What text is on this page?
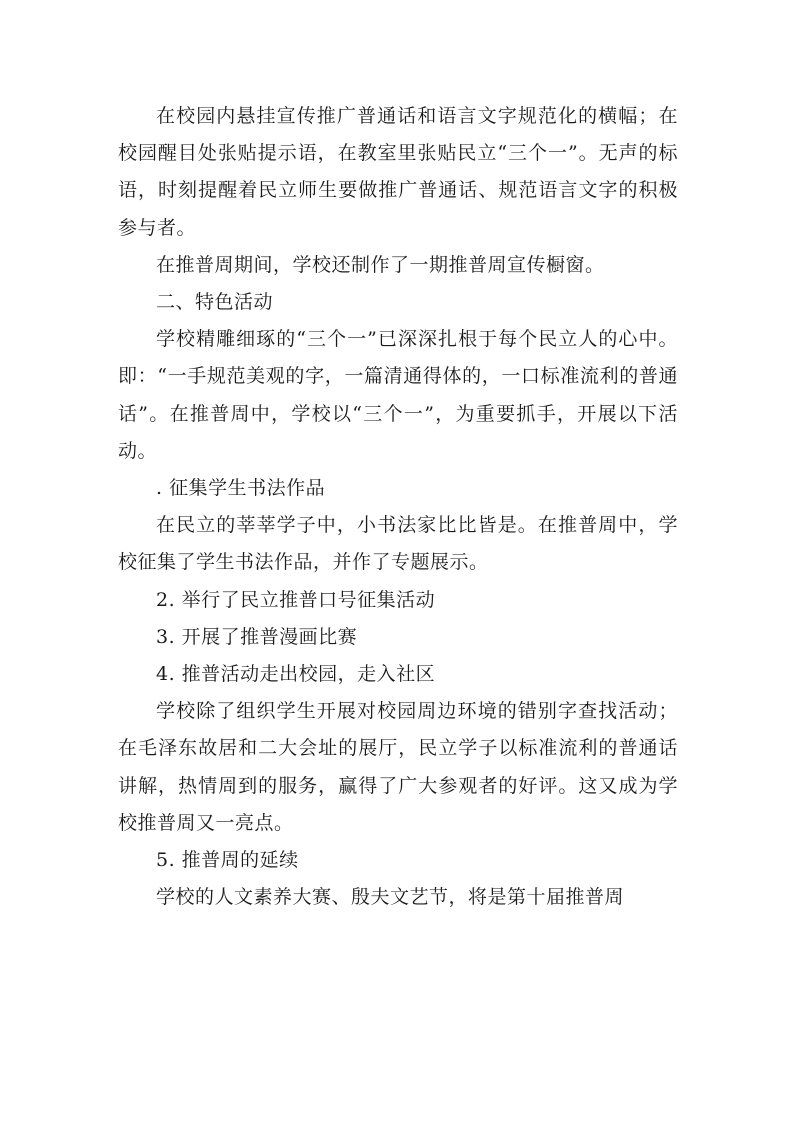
在校园内悬挂宣传推广普通话和语言文字规范化的横幅；在校园醒目处张贴提示语，在教室里张贴民立“三个一”。无声的标语，时刻提醒着民立师生要做推广普通话、规范语言文字的积极参与者。

在推普周期间，学校还制作了一期推普周宣传橱窗。

二、特色活动

学校精雕细琢的“三个一”已深深扎根于每个民立人的心中。即：“一手规范美观的字，一篇清通得体的，一口标准流利的普通话”。在推普周中，学校以“三个一”，为重要抓手，开展以下活动。

. 征集学生书法作品

在民立的莘莘学子中，小书法家比比皆是。在推普周中，学校征集了学生书法作品，并作了专题展示。

2. 举行了民立推普口号征集活动

3. 开展了推普漫画比赛

4. 推普活动走出校园，走入社区

学校除了组织学生开展对校园周边环境的错别字查找活动；在毛泽东故居和二大会址的展厅，民立学子以标准流利的普通话讲解，热情周到的服务，赢得了广大参观者的好评。这又成为学校推普周又一亮点。

5. 推普周的延续

学校的人文素养大赛、殷夫文艺节，将是第十届推普周
